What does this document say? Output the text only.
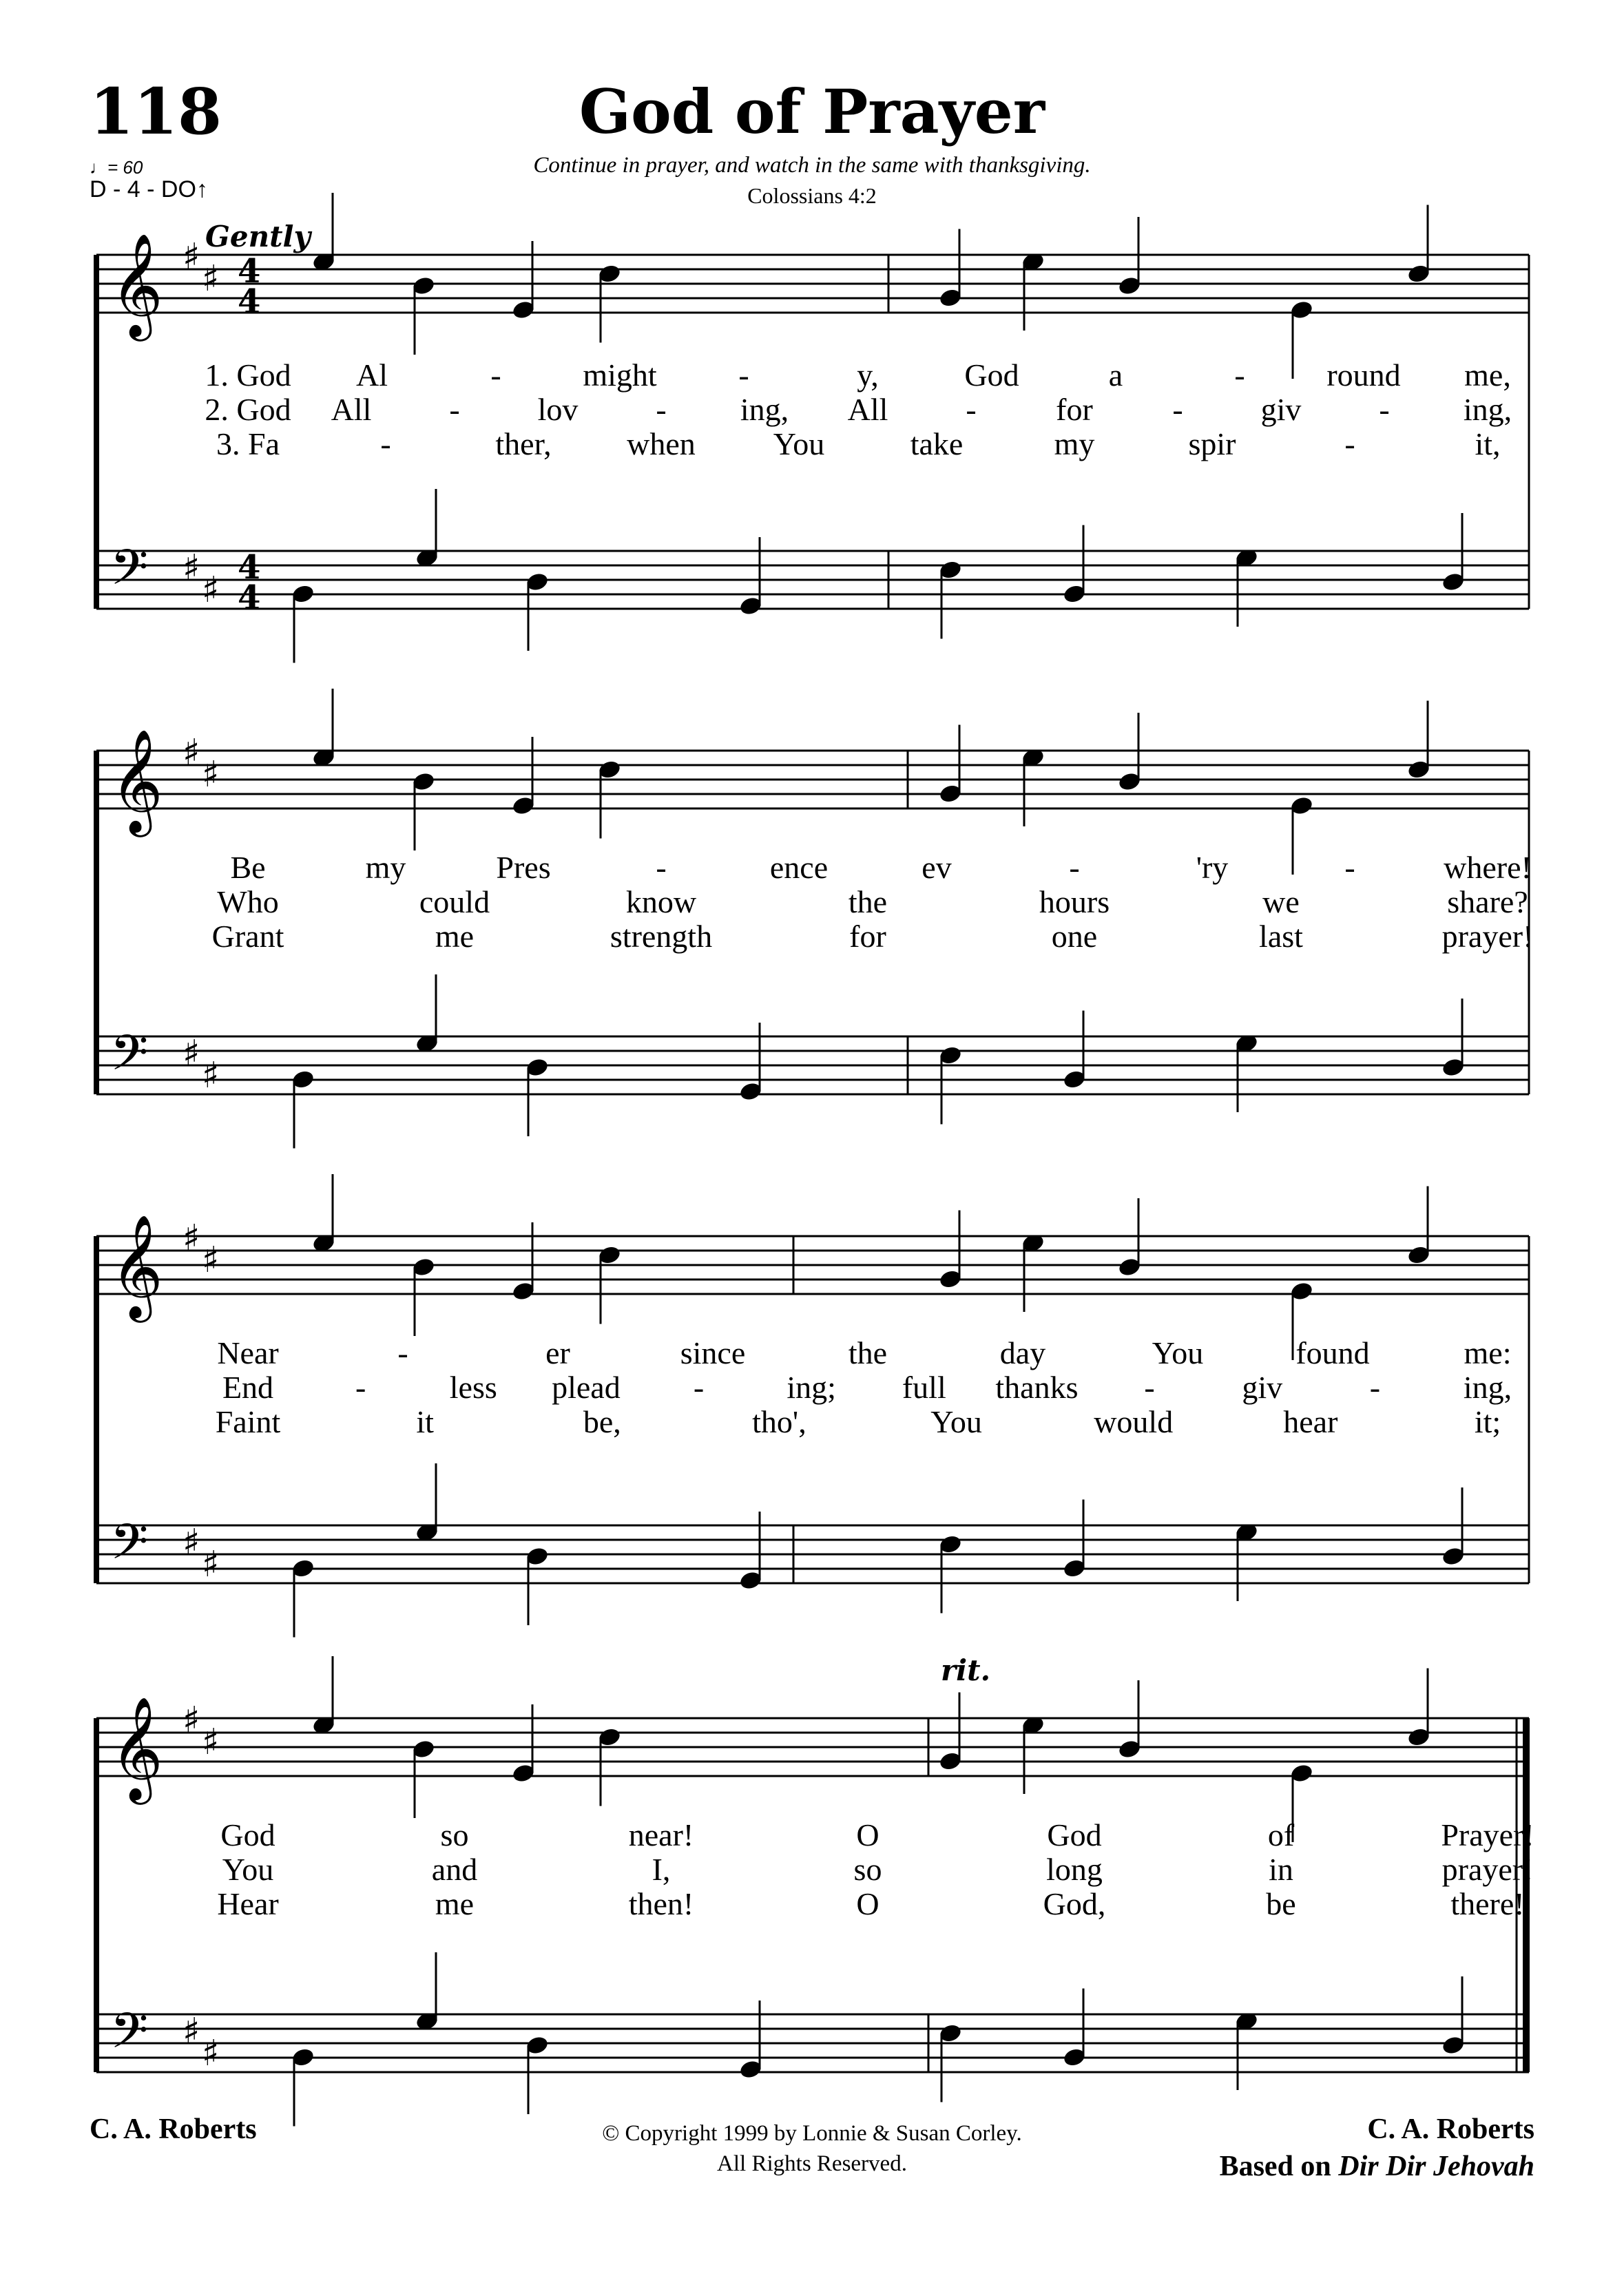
118	God of Prayer
♩= 60
D - 4 - DO↑
Continue in prayer, and watch in the same with thanksgiving.
Colossians 4:2
𝄞 ♯
♯ 4
4
𝄢 ♯
♯
4
4
𝄞 ♯
♯
𝄢 ♯
♯
𝄞 ♯
♯
𝄢 ♯
♯
𝄞 ♯
♯
𝄢 ♯
♯
1. God Al	-	might	-	y,	God	a	-	round me,
2. God All - lov - ing, All -	for	- giv - ing,
3. Fa	-	ther, when You	take	my	spir	-	it,
Be	my	Pres	-	ence	ev	-	'ry	-	where!
Who	could	know	the	hours	we	share?
Grant	me	strength	for	one	last	prayer!
Near	-	er	since	the	day	You	found	me:
End	-	less plead -	ing; full thanks -	giv	-	ing,
Faint	it	be,	tho',	You	would	hear	it;
God	so	near!	O	God	of	Prayer!
You	and	I,	so	long	in	prayer!
Hear	me	then!	O	God,	be	there!
Gently
rit.
C. A. Roberts	© Copyright 1999 by Lonnie & Susan Corley.
All Rights Reserved.
C. A. Roberts
Based on Dir Dir Jehovah
